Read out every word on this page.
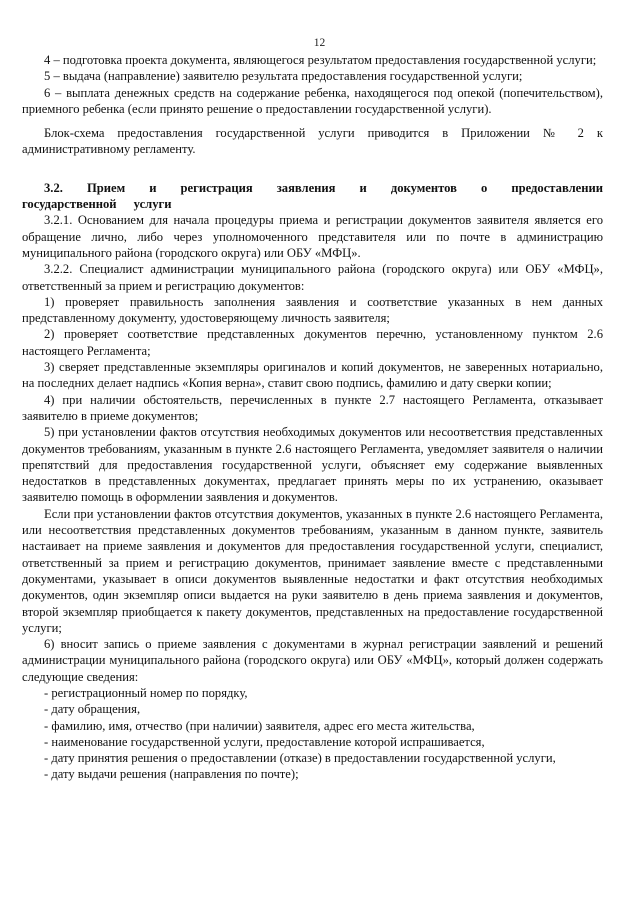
12

4 – подготовка проекта документа, являющегося результатом предоставления государственной услуги;

5 – выдача (направление) заявителю результата предоставления государственной услуги;

6 – выплата денежных средств на содержание ребенка, находящегося под опекой (попечительством), приемного ребенка (если принято решение о предоставлении государственной услуги).

Блок-схема предоставления государственной услуги приводится в Приложении № 2 к административному регламенту.

3.2. Прием и регистрация заявления и документов о предоставлении государственной услуги

3.2.1. Основанием для начала процедуры приема и регистрации документов заявителя является его обращение лично, либо через уполномоченного представителя или по почте в администрацию муниципального района (городского округа) или ОБУ «МФЦ».

3.2.2. Специалист администрации муниципального района (городского округа) или ОБУ «МФЦ», ответственный за прием и регистрацию документов:

1) проверяет правильность заполнения заявления и соответствие указанных в нем данных представленному документу, удостоверяющему личность заявителя;

2) проверяет соответствие представленных документов перечню, установленному пунктом 2.6 настоящего Регламента;

3) сверяет представленные экземпляры оригиналов и копий документов, не заверенных нотариально, на последних делает надпись «Копия верна», ставит свою подпись, фамилию и дату сверки копии;

4) при наличии обстоятельств, перечисленных в пункте 2.7 настоящего Регламента, отказывает заявителю в приеме документов;

5) при установлении фактов отсутствия необходимых документов или несоответствия представленных документов требованиям, указанным в пункте 2.6 настоящего Регламента, уведомляет заявителя о наличии препятствий для предоставления государственной услуги, объясняет ему содержание выявленных недостатков в представленных документах, предлагает принять меры по их устранению, оказывает заявителю помощь в оформлении заявления и документов.

Если при установлении фактов отсутствия документов, указанных в пункте 2.6 настоящего Регламента, или несоответствия представленных документов требованиям, указанным в данном пункте, заявитель настаивает на приеме заявления и документов для предоставления государственной услуги, специалист, ответственный за прием и регистрацию документов, принимает заявление вместе с представленными документами, указывает в описи документов выявленные недостатки и факт отсутствия необходимых документов, один экземпляр описи выдается на руки заявителю в день приема заявления и документов, второй экземпляр приобщается к пакету документов, представленных на предоставление государственной услуги;

6) вносит запись о приеме заявления с документами в журнал регистрации заявлений и решений администрации муниципального района (городского округа) или ОБУ «МФЦ», который должен содержать следующие сведения:

- регистрационный номер по порядку,

- дату обращения,

- фамилию, имя, отчество (при наличии) заявителя, адрес его места жительства,

- наименование государственной услуги, предоставление которой испрашивается,

- дату принятия решения о предоставлении (отказе) в предоставлении государственной услуги,

- дату выдачи решения (направления по почте);
